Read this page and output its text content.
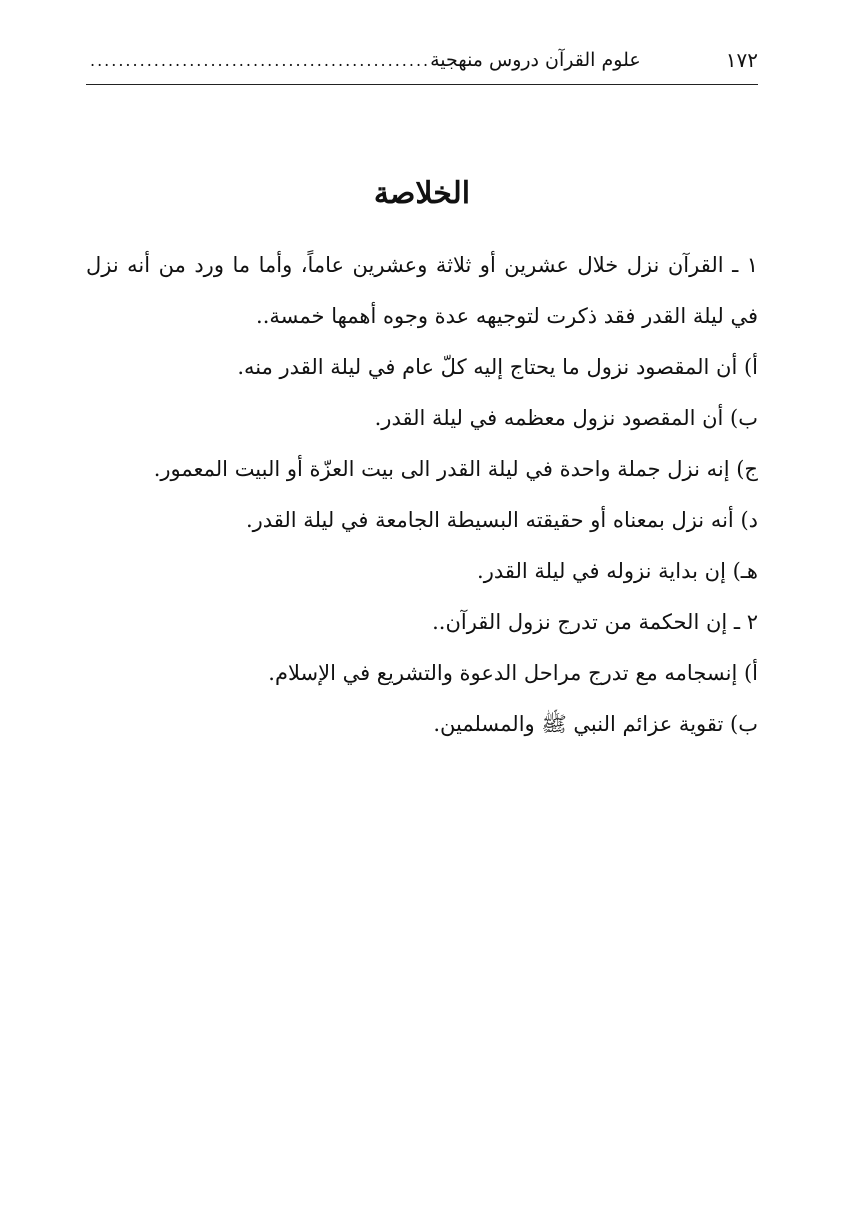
١٧٢
علوم القرآن دروس منهجية
................................................
الخلاصة

١ ـ القرآن نزل خلال عشرين أو ثلاثة وعشرين عاماً، وأما ما ورد من أنه نزل في ليلة القدر فقد ذكرت لتوجيهه عدة وجوه أهمها خمسة..

أ) أن المقصود نزول ما يحتاج إليه كلّ عام في ليلة القدر منه.

ب) أن المقصود نزول معظمه في ليلة القدر.

ج) إنه نزل جملة واحدة في ليلة القدر الى بيت العزّة أو البيت المعمور.

د) أنه نزل بمعناه أو حقيقته البسيطة الجامعة في ليلة القدر.

هـ) إن بداية نزوله في ليلة القدر.

٢ ـ إن الحكمة من تدرج نزول القرآن..

أ) إنسجامه مع تدرج مراحل الدعوة والتشريع في الإسلام.

ب) تقوية عزائم النبي ﷺ والمسلمين.
